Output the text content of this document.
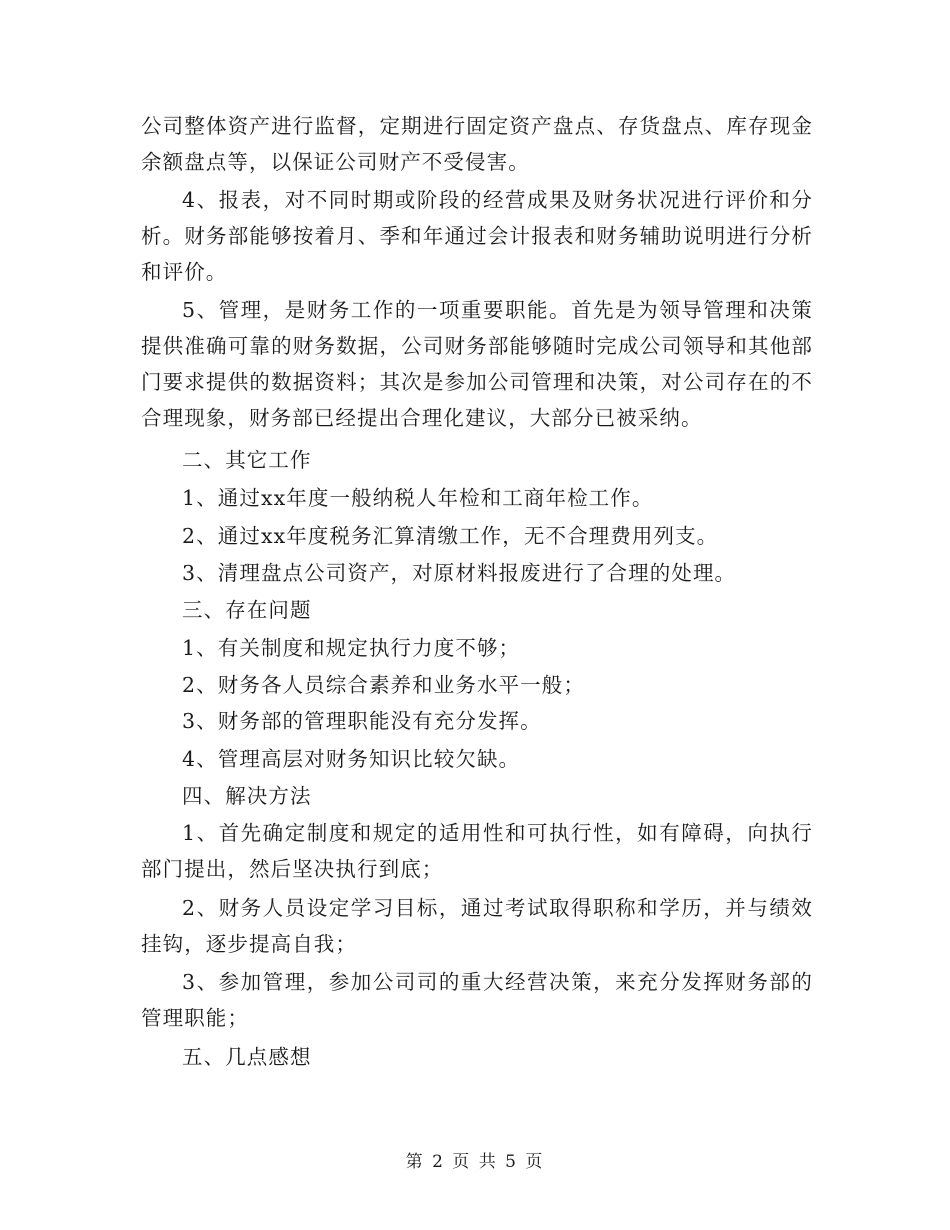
公司整体资产进行监督，定期进行固定资产盘点、存货盘点、库存现金余额盘点等，以保证公司财产不受侵害。

4、报表，对不同时期或阶段的经营成果及财务状况进行评价和分析。财务部能够按着月、季和年通过会计报表和财务辅助说明进行分析和评价。

5、管理，是财务工作的一项重要职能。首先是为领导管理和决策提供准确可靠的财务数据，公司财务部能够随时完成公司领导和其他部门要求提供的数据资料；其次是参加公司管理和决策，对公司存在的不合理现象，财务部已经提出合理化建议，大部分已被采纳。

二、其它工作

1、通过xx年度一般纳税人年检和工商年检工作。

2、通过xx年度税务汇算清缴工作，无不合理费用列支。

3、清理盘点公司资产，对原材料报废进行了合理的处理。

三、存在问题

1、有关制度和规定执行力度不够；

2、财务各人员综合素养和业务水平一般；

3、财务部的管理职能没有充分发挥。

4、管理高层对财务知识比较欠缺。

四、解决方法

1、首先确定制度和规定的适用性和可执行性，如有障碍，向执行部门提出，然后坚决执行到底；

2、财务人员设定学习目标，通过考试取得职称和学历，并与绩效挂钩，逐步提高自我；

3、参加管理，参加公司司的重大经营决策，来充分发挥财务部的管理职能；

五、几点感想

第 2 页 共 5 页
